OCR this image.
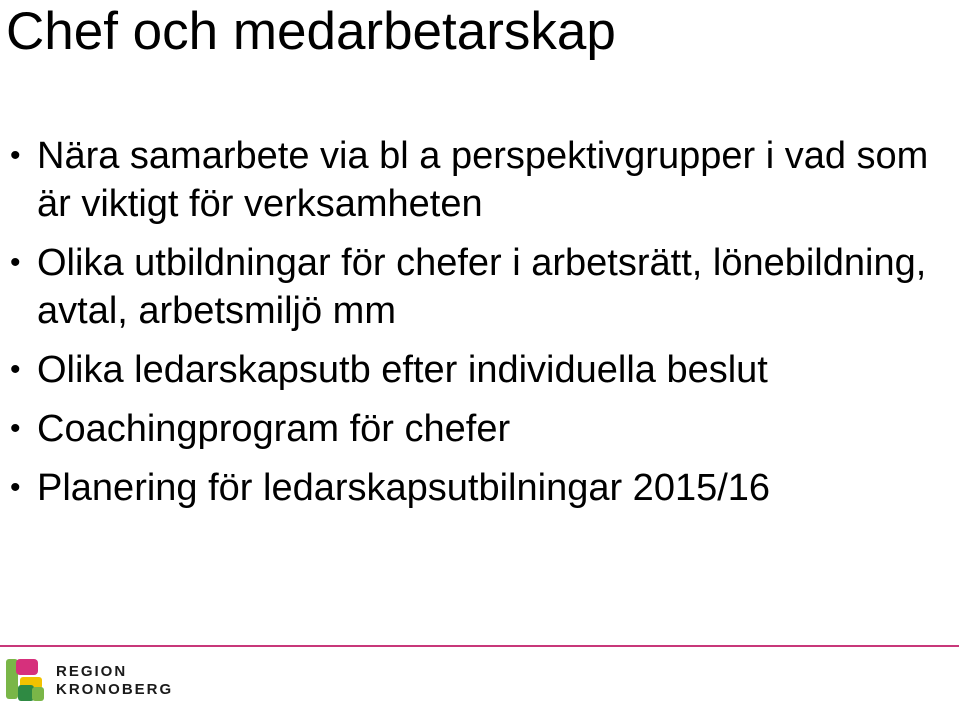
Chef och medarbetarskap
• Nära samarbete via bl a perspektivgrupper i vad som är viktigt för verksamheten
• Olika utbildningar för chefer i arbetsrätt, lönebildning, avtal, arbetsmiljö mm
• Olika ledarskapsutb efter individuella beslut
• Coachingprogram för chefer
• Planering för ledarskapsutbilningar 2015/16
REGION
KRONOBERG
